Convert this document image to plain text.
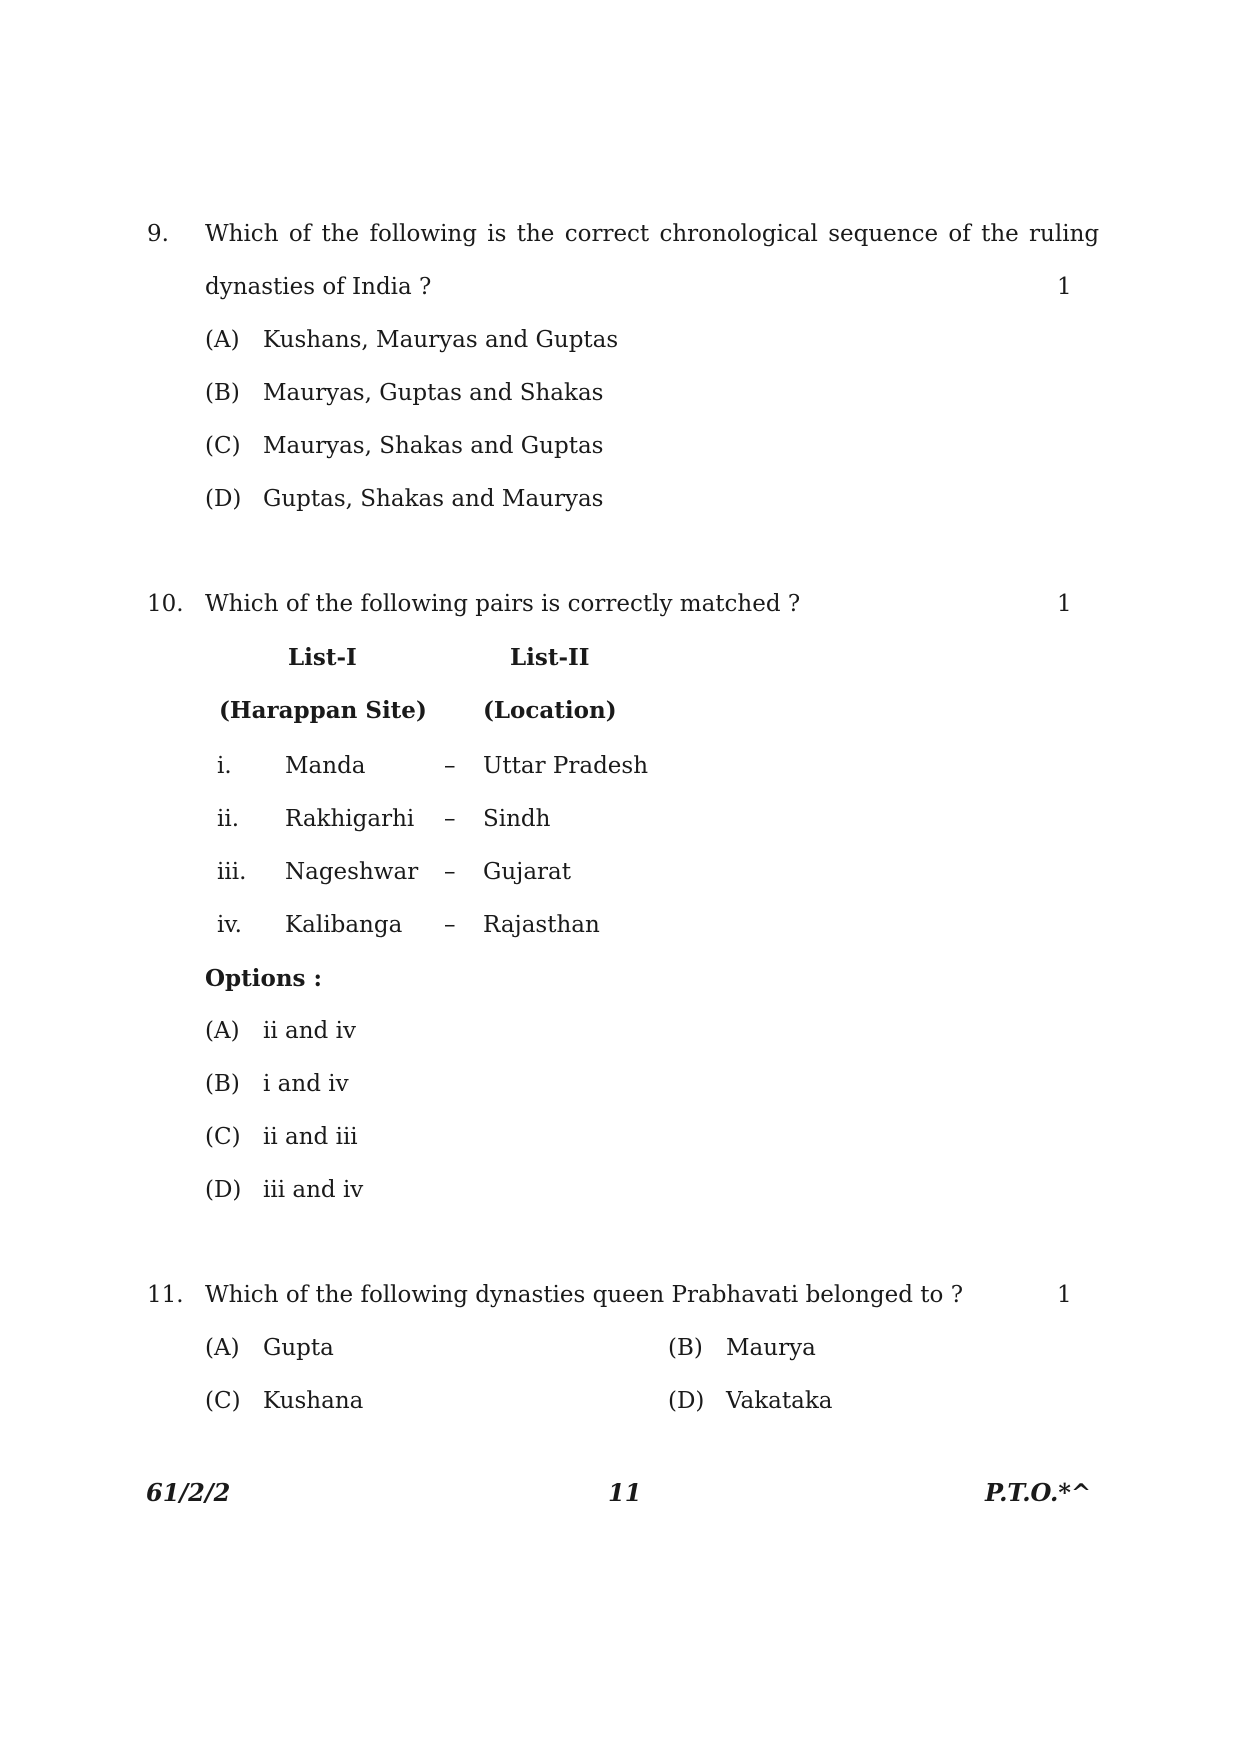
9. Which of the following is the correct chronological sequence of the ruling
dynasties of India ?	1
(A) Kushans, Mauryas and Guptas
(B) Mauryas, Guptas and Shakas
(C) Mauryas, Shakas and Guptas
(D) Guptas, Shakas and Mauryas
10. Which of the following pairs is correctly matched ?	1
List-I	List-II
(Harappan Site) (Location)
i. Manda	– Uttar Pradesh
ii. Rakhigarhi – Sindh
iii. Nageshwar – Gujarat
iv. Kalibanga – Rajasthan
Options :
(A) ii and iv
(B) i and iv
(C) ii and iii
(D) iii and iv
11. Which of the following dynasties queen Prabhavati belonged to ?	1
(A) Gupta	(B) Maurya
(C) Kushana	(D) Vakataka
61/2/2	11	P.T.O.*^
